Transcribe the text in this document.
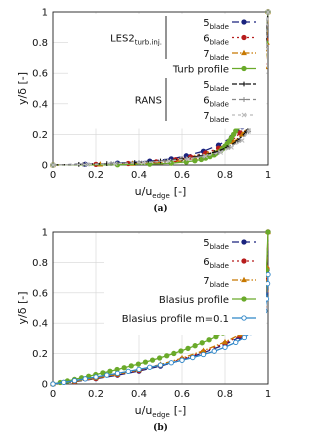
0
0
0.2
0.2
0.4
0.4
0.6
0.6
0.8
0.8
1
1
$5_{blade}$
$6_{blade}$
$7_{blade}$
Turb profile
$5_{blade}$
$6_{blade}$
$7_{blade}$
$LES2_{turb.inj.}$
RANS
$u/u_{edge}$ [-]
y/δ [-]
(a)
0
0
0.2
0.2
0.4
0.4
0.6
0.6
0.8
0.8
1
1
$5_{blade}$
$6_{blade}$
$7_{blade}$
Blasius profile
Blasius profile m=0.1
$u/u_{edge}$ [-]
y/δ [-]
(b)
